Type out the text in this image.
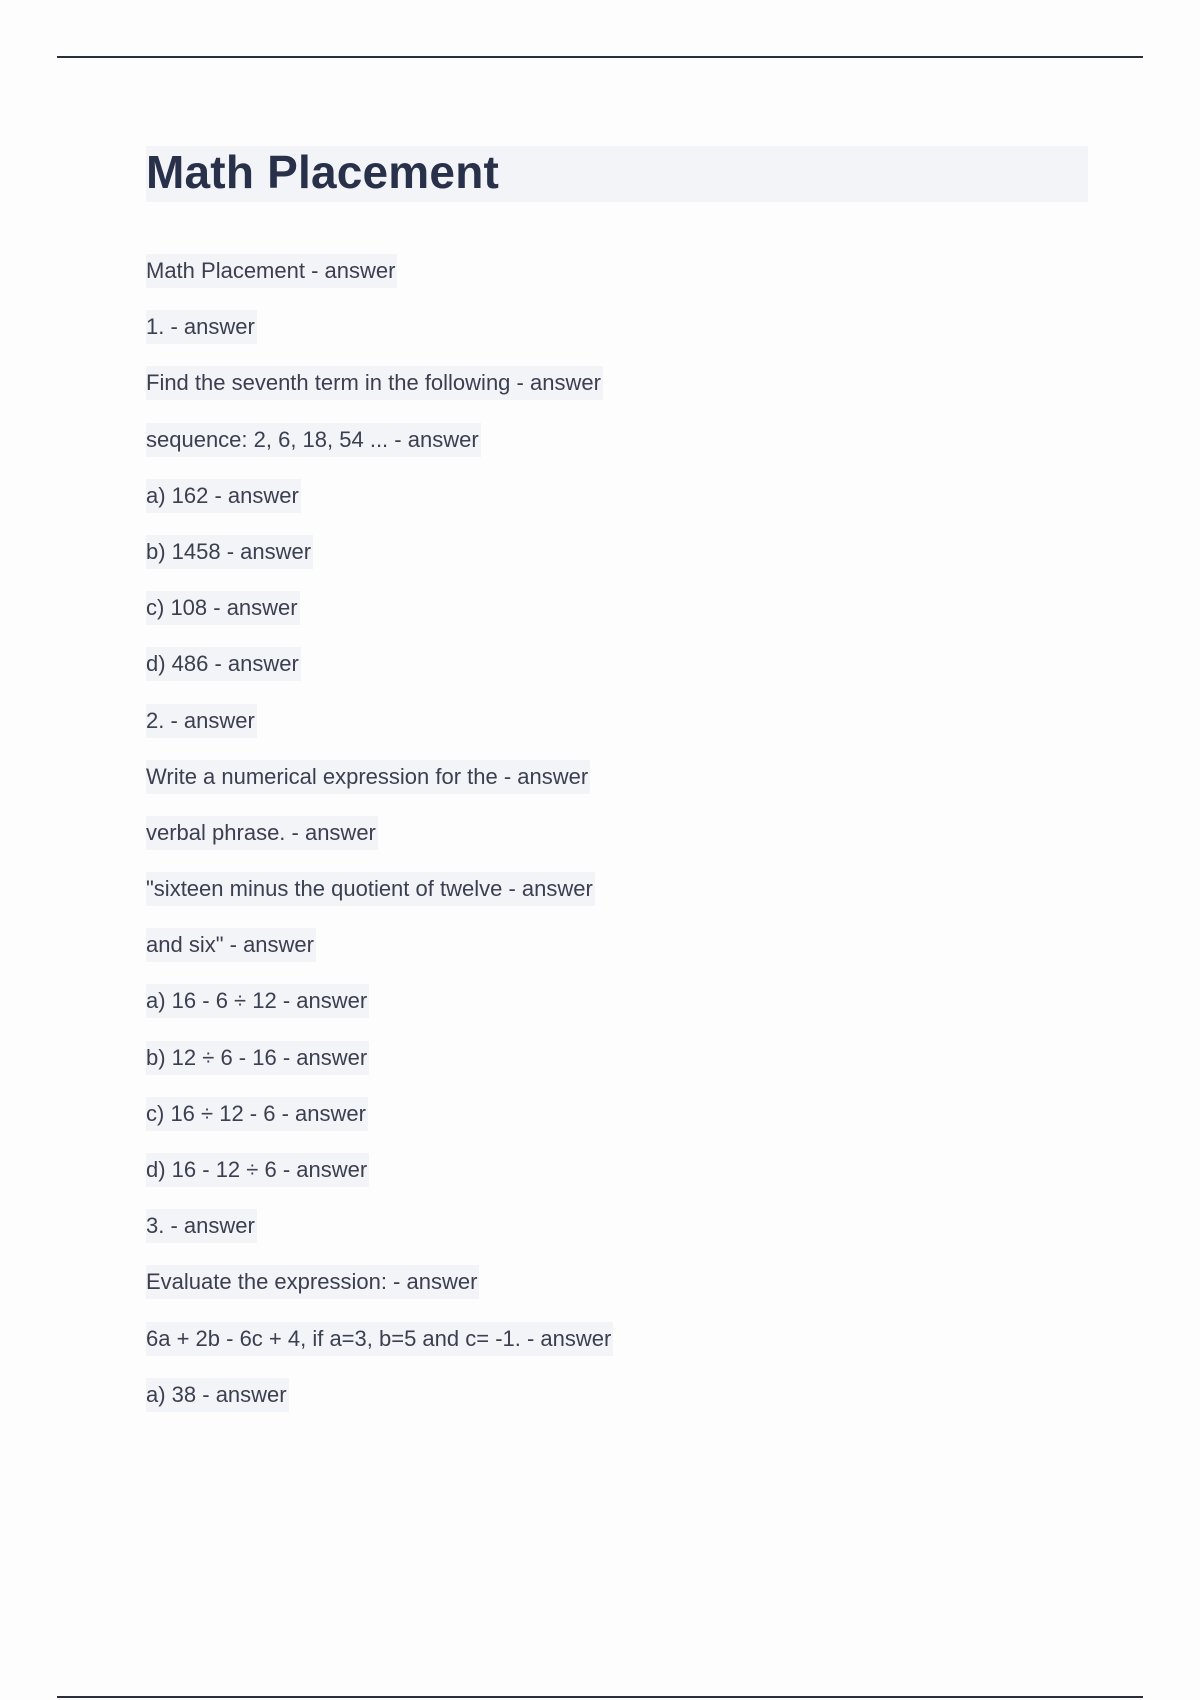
Math Placement
Math Placement - answer
1. - answer
Find the seventh term in the following - answer
sequence: 2, 6, 18, 54 ... - answer
a) 162 - answer
b) 1458 - answer
c) 108 - answer
d) 486 - answer
2. - answer
Write a numerical expression for the - answer
verbal phrase. - answer
"sixteen minus the quotient of twelve - answer
and six" - answer
a) 16 - 6 ÷ 12 - answer
b) 12 ÷ 6 - 16 - answer
c) 16 ÷ 12 - 6 - answer
d) 16 - 12 ÷ 6 - answer
3. - answer
Evaluate the expression: - answer
6a + 2b - 6c + 4, if a=3, b=5 and c= -1. - answer
a) 38 - answer
